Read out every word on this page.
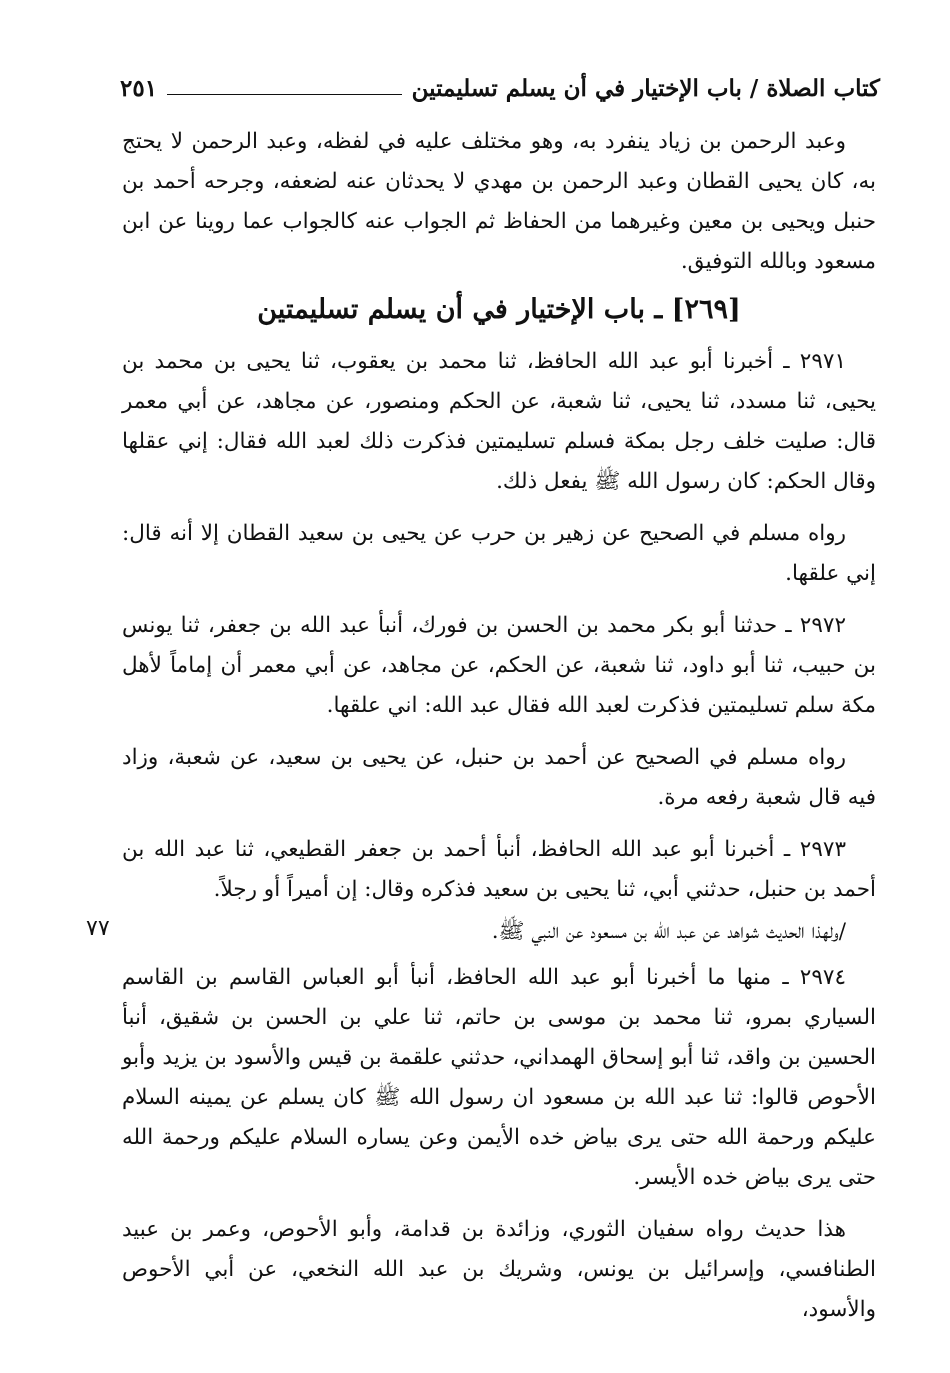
كتاب الصلاة / باب الإختيار في أن يسلم تسليمتين
٢٥١
٧٧

وعبد الرحمن بن زياد ينفرد به، وهو مختلف عليه في لفظه، وعبد الرحمن لا يحتج به، كان يحيى القطان وعبد الرحمن بن مهدي لا يحدثان عنه لضعفه، وجرحه أحمد بن حنبل ويحيى بن معين وغيرهما من الحفاظ ثم الجواب عنه كالجواب عما روينا عن ابن مسعود وبالله التوفيق.

[٢٦٩] ـ باب الإختيار في أن يسلم تسليمتين

٢٩٧١ ـ أخبرنا أبو عبد الله الحافظ، ثنا محمد بن يعقوب، ثنا يحيى بن محمد بن يحيى، ثنا مسدد، ثنا يحيى، ثنا شعبة، عن الحكم ومنصور، عن مجاهد، عن أبي معمر قال: صليت خلف رجل بمكة فسلم تسليمتين فذكرت ذلك لعبد الله فقال: إني عقلها وقال الحكم: كان رسول الله ﷺ يفعل ذلك.

رواه مسلم في الصحيح عن زهير بن حرب عن يحيى بن سعيد القطان إلا أنه قال: إني علقها.

٢٩٧٢ ـ حدثنا أبو بكر محمد بن الحسن بن فورك، أنبأ عبد الله بن جعفر، ثنا يونس بن حبيب، ثنا أبو داود، ثنا شعبة، عن الحكم، عن مجاهد، عن أبي معمر أن إماماً لأهل مكة سلم تسليمتين فذكرت لعبد الله فقال عبد الله: اني علقها.

رواه مسلم في الصحيح عن أحمد بن حنبل، عن يحيى بن سعيد، عن شعبة، وزاد فيه قال شعبة رفعه مرة.

٢٩٧٣ ـ أخبرنا أبو عبد الله الحافظ، أنبأ أحمد بن جعفر القطيعي، ثنا عبد الله بن أحمد بن حنبل، حدثني أبي، ثنا يحيى بن سعيد فذكره وقال: إن أميراً أو رجلاً.

/ولهذا الحديث شواهد عن عبد الله بن مسعود عن النبي ﷺ.

٢٩٧٤ ـ منها ما أخبرنا أبو عبد الله الحافظ، أنبأ أبو العباس القاسم بن القاسم السياري بمرو، ثنا محمد بن موسى بن حاتم، ثنا علي بن الحسن بن شقيق، أنبأ الحسين بن واقد، ثنا أبو إسحاق الهمداني، حدثني علقمة بن قيس والأسود بن يزيد وأبو الأحوص قالوا: ثنا عبد الله بن مسعود ان رسول الله ﷺ كان يسلم عن يمينه السلام عليكم ورحمة الله حتى يرى بياض خده الأيمن وعن يساره السلام عليكم ورحمة الله حتى يرى بياض خده الأيسر.

هذا حديث رواه سفيان الثوري، وزائدة بن قدامة، وأبو الأحوص، وعمر بن عبيد الطنافسي، وإسرائيل بن يونس، وشريك بن عبد الله النخعي، عن أبي الأحوص والأسود،
